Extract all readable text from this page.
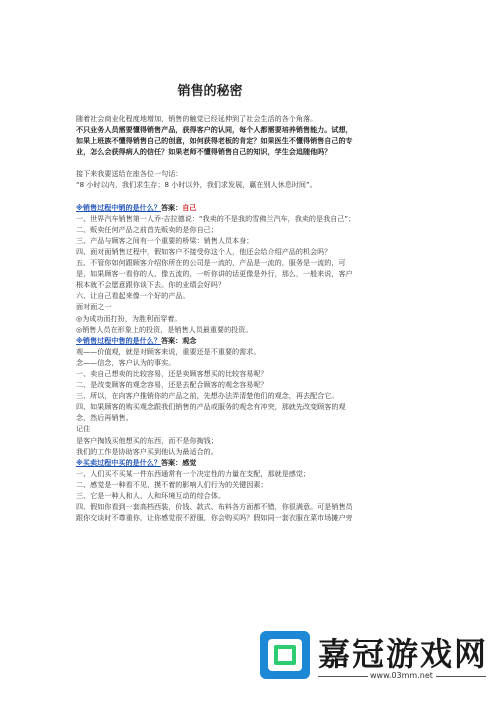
销售的秘密

随着社会商业化程度地增加，销售的触觉已经延伸到了社会生活的各个角落。

不只业务人员需要懂得销售产品，获得客户的认同，每个人都需要培养销售能力。试想，

如果上班族不懂得销售自己的创意，如何获得老板的肯定？如果医生不懂得销售自己的专

业，怎么会获得病人的信任？如果老师不懂得销售自己的知识，学生会追随他吗？

接下来我要送给在座各位一句话：

“8 小时以内，我们求生存；8 小时以外，我们求发展，赢在别人休息时间”。

※销售过程中销的是什么？答案：自己

一、世界汽车销售第一人乔·吉拉德说：“我卖的不是我的雪佛兰汽车，我卖的是我自己”；

二、贩卖任何产品之前首先贩卖的是你自己；

三、产品与顾客之间有一个重要的桥梁：销售人员本身；

四、面对面销售过程中，假如客户不接受你这个人，他还会给介绍产品的机会吗？

五、不管你如何跟顾客介绍你所在的公司是一流的，产品是一流的，服务是一流的，可

是，如果顾客一看你的人，像五流的，一听你讲的话更像是外行，那么，一般来说，客户

根本就不会愿意跟你谈下去。你的业绩会好吗？

六、让自己看起来像一个好的产品。

面对面之一

◎为成功而打扮，为胜利而穿着。

◎销售人员在形象上的投资，是销售人员最重要的投资。

※销售过程中售的是什么？答案：观念

观——价值观，就是对顾客来说，重要还是不重要的需求。

念——信念，客户认为的事实。

一、卖自己想卖的比较容易，还是卖顾客想买的比较容易呢？

二、是改变顾客的观念容易，还是去配合顾客的观念容易呢？

三、所以，在向客户推销你的产品之前，先想办法弄清楚他们的观念，再去配合它。

四、如果顾客的购买观念跟我们销售的产品或服务的观念有冲突，那就先改变顾客的观

念，然后再销售。

记住

是客户掏钱买他想买的东西，而不是你掏钱；

我们的工作是协助客户买到他认为最适合的。

※买卖过程中买的是什么？答案：感觉

一、人们买不买某一件东西通常有一个决定性的力量在支配，那就是感觉；

二、感觉是一种看不见、摸不着的影响人们行为的关键因素；

三、它是一种人和人、人和环境互动的综合体。

四、假如你看到一套高档西装，价钱、款式、布料各方面都不错，你很满意。可是销售员

跟你交谈时不尊重你，让你感觉很不舒服，你会购买吗？假如同一套衣服在菜市场摊户旁

嘉冠游戏网
www.03mm.net
